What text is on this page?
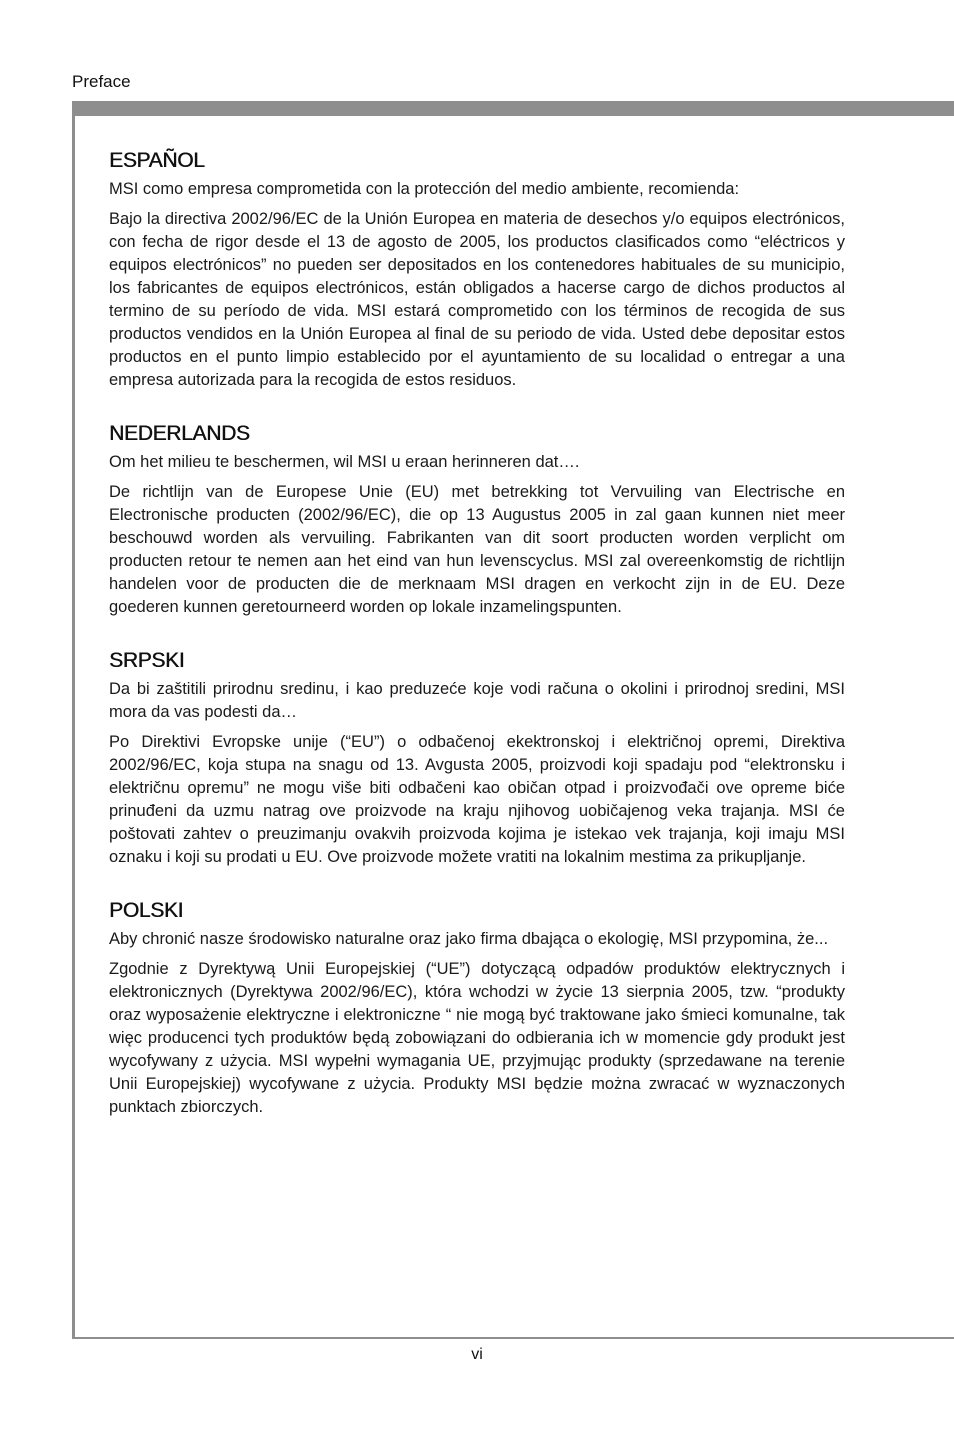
Preface
ESPAÑOL

MSI como empresa comprometida con la protección del medio ambiente, recomienda:

Bajo la directiva 2002/96/EC de la Unión Europea en materia de desechos y/o equipos electrónicos, con fecha de rigor desde el 13 de agosto de 2005, los productos clasificados como “eléctricos y equipos electrónicos” no pueden ser depositados en los contenedores habituales de su municipio, los fabricantes de equipos electrónicos, están obligados a hacerse cargo de dichos productos al termino de su período de vida. MSI estará comprometido con los términos de recogida de sus productos vendidos en la Unión Europea al final de su periodo de vida. Usted debe depositar estos productos en el punto limpio establecido por el ayuntamiento de su localidad o entregar a una empresa autorizada para la recogida de estos residuos.

NEDERLANDS

Om het milieu te beschermen, wil MSI u eraan herinneren dat….

De richtlijn van de Europese Unie (EU) met betrekking tot Vervuiling van Electrische en Electronische producten (2002/96/EC), die op 13 Augustus 2005 in zal gaan kunnen niet meer beschouwd worden als vervuiling. Fabrikanten van dit soort producten worden verplicht om producten retour te nemen aan het eind van hun levenscyclus. MSI zal overeenkomstig de richtlijn handelen voor de producten die de merknaam MSI dragen en verkocht zijn in de EU. Deze goederen kunnen geretourneerd worden op lokale inzamelingspunten.

SRPSKI

Da bi zaštitili prirodnu sredinu, i kao preduzeće koje vodi računa o okolini i prirodnoj sredini, MSI mora da vas podesti da…

Po Direktivi Evropske unije (“EU”) o odbačenoj ekektronskoj i električnoj opremi, Direktiva 2002/96/EC, koja stupa na snagu od 13. Avgusta 2005, proizvodi koji spadaju pod “elektronsku i električnu opremu” ne mogu više biti odbačeni kao običan otpad i proizvođači ove opreme biće prinuđeni da uzmu natrag ove proizvode na kraju njihovog uobičajenog veka trajanja. MSI će poštovati zahtev o preuzimanju ovakvih proizvoda kojima je istekao vek trajanja, koji imaju MSI oznaku i koji su prodati u EU. Ove proizvode možete vratiti na lokalnim mestima za prikupljanje.

POLSKI

Aby chronić nasze środowisko naturalne oraz jako firma dbająca o ekologię, MSI przypomina, że...

Zgodnie z Dyrektywą Unii Europejskiej (“UE”) dotyczącą odpadów produktów elektrycznych i elektronicznych (Dyrektywa 2002/96/EC), która wchodzi w życie 13 sierpnia 2005, tzw. “produkty oraz wyposażenie elektryczne i elektroniczne “ nie mogą być traktowane jako śmieci komunalne, tak więc producenci tych produktów będą zobowiązani do odbierania ich w momencie gdy produkt jest wycofywany z użycia. MSI wypełni wymagania UE, przyjmując produkty (sprzedawane na terenie Unii Europejskiej) wycofywane z użycia. Produkty MSI będzie można zwracać w wyznaczonych punktach zbiorczych.

vi
